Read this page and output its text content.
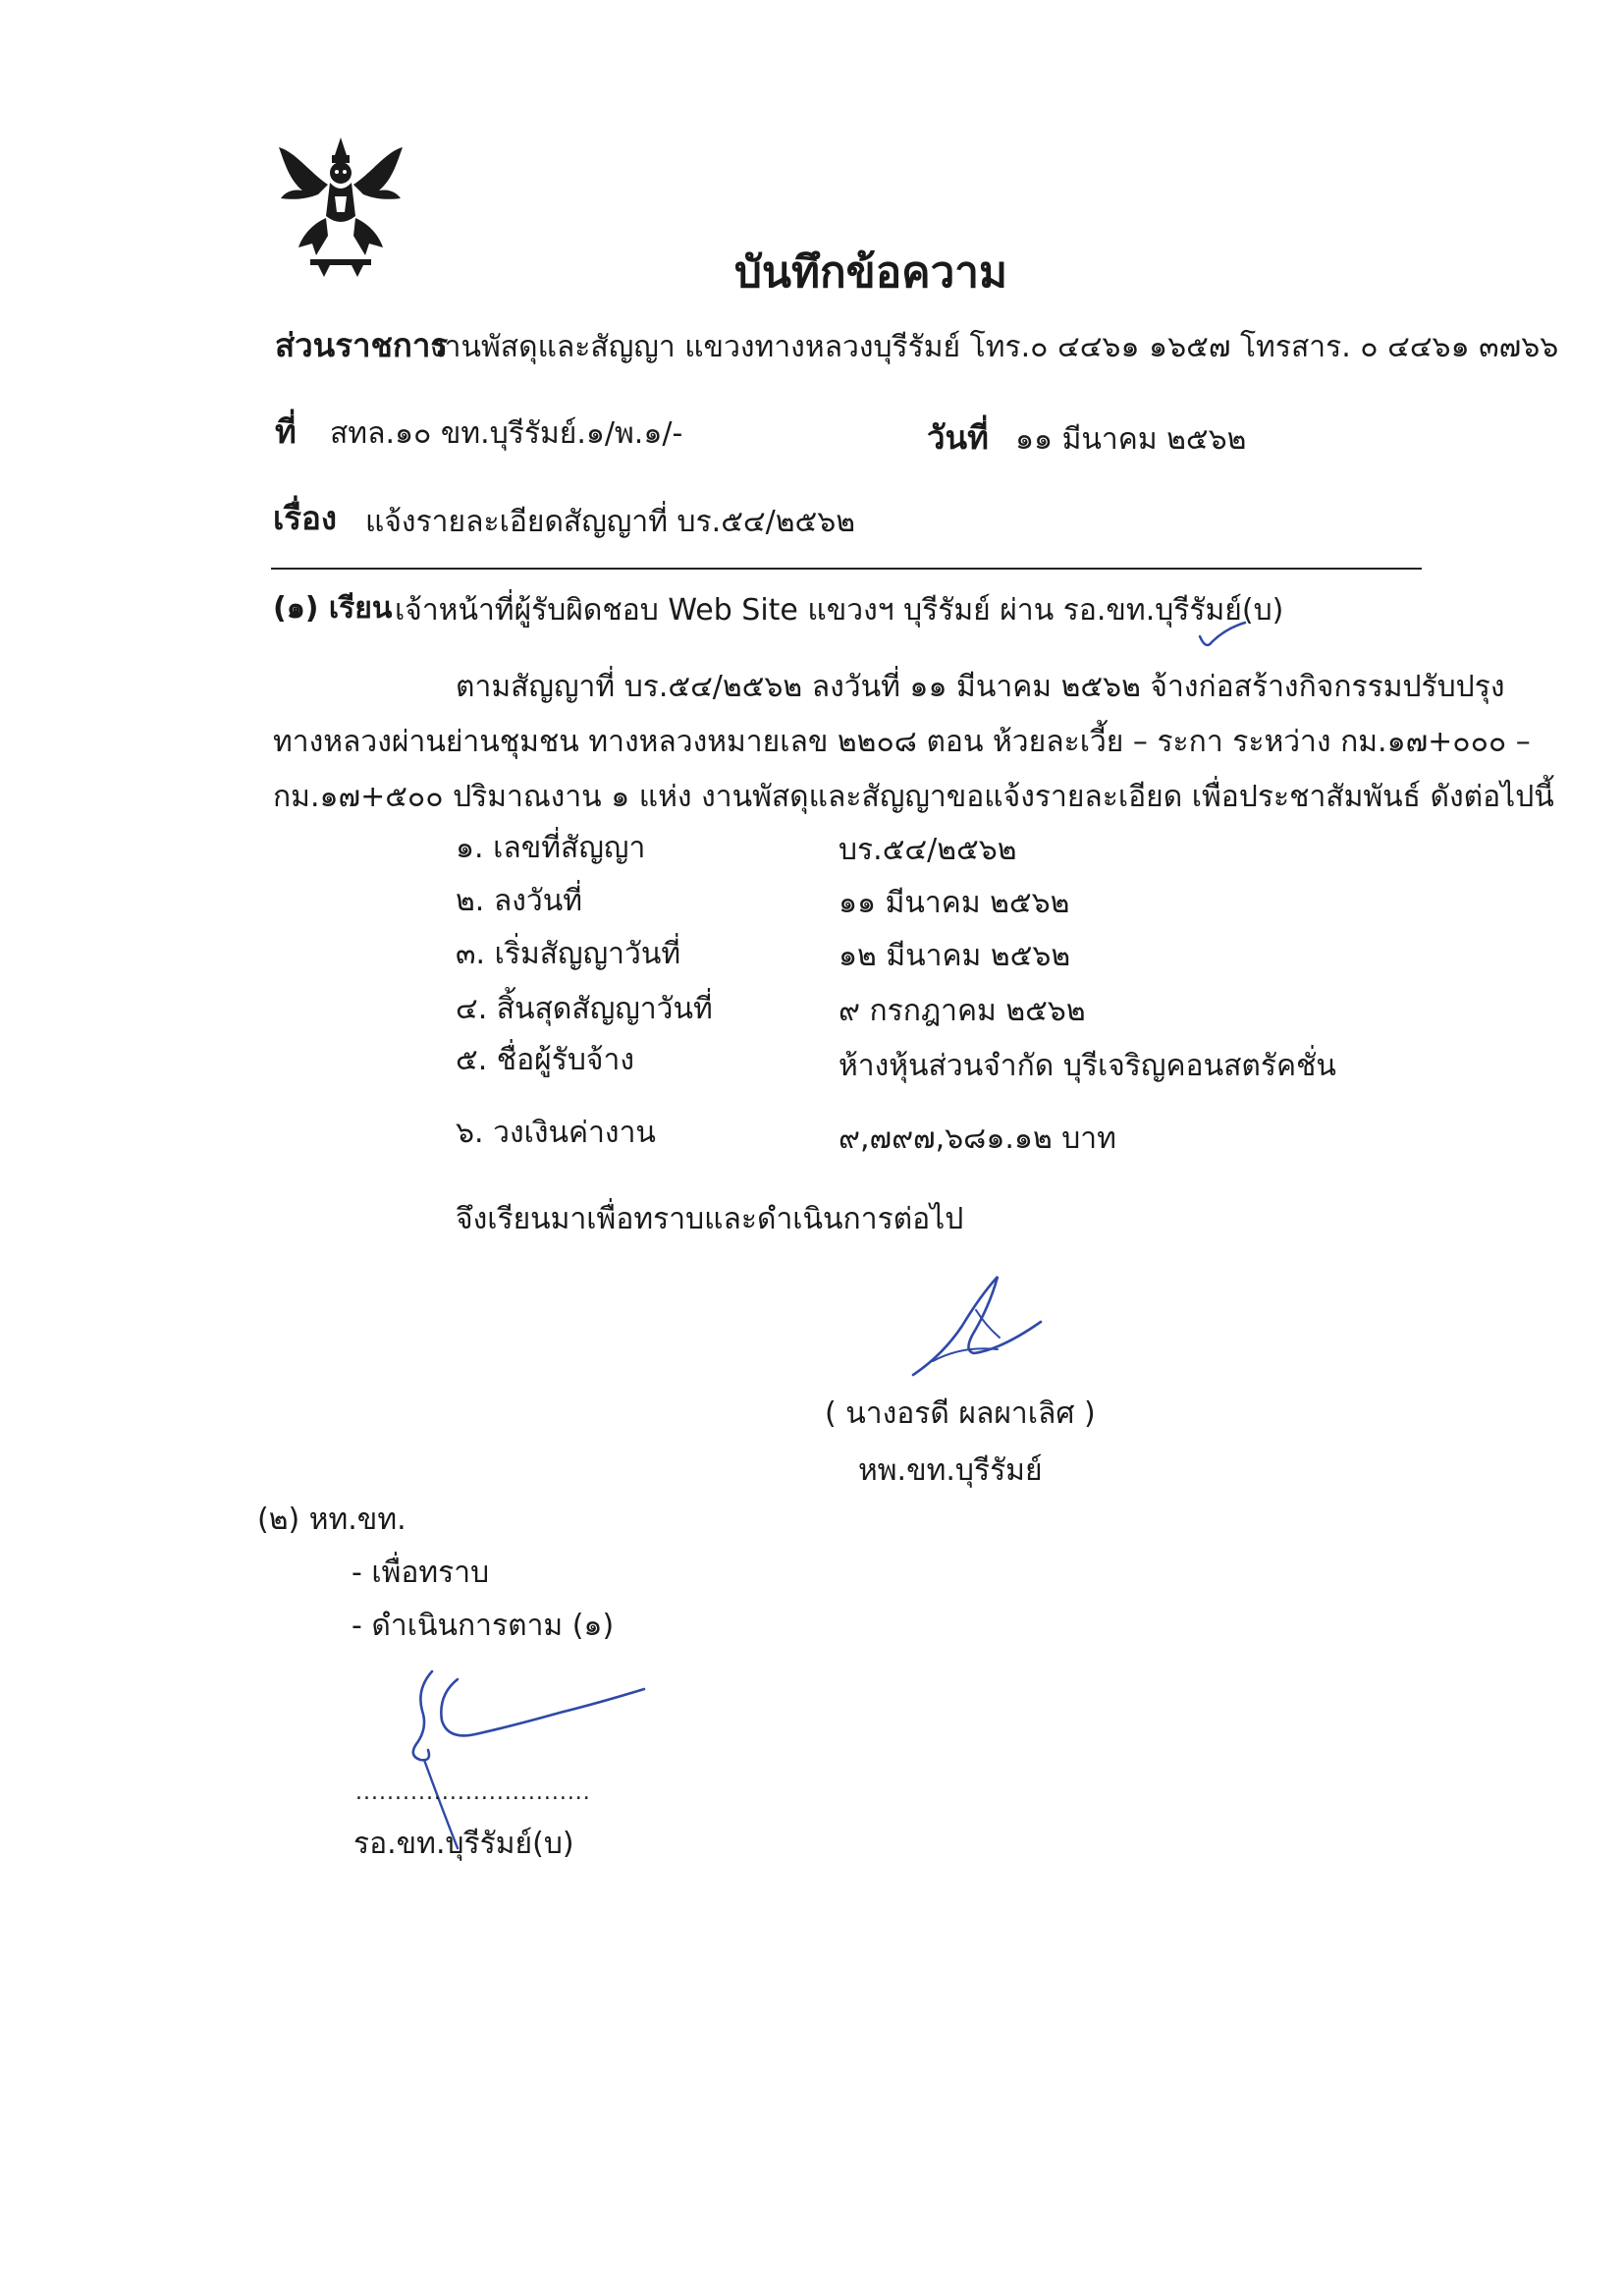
บันทึกข้อความ
ส่วนราชการ
งานพัสดุและสัญญา แขวงทางหลวงบุรีรัมย์ โทร.๐ ๔๔๖๑ ๑๖๕๗ โทรสาร. ๐ ๔๔๖๑ ๓๗๖๖
ที่ สทล.๑๐ ขท.บุรีรัมย์.๑/พ.๑/-	วันที่ ๑๑ มีนาคม ๒๕๖๒
เรื่อง แจ้งรายละเอียดสัญญาที่ บร.๕๔/๒๕๖๒
(๑) เรียน เจ้าหน้าที่ผู้รับผิดชอบ Web Site แขวงฯ บุรีรัมย์ ผ่าน รอ.ขท.บุรีรัมย์(บ)
ตามสัญญาที่ บร.๕๔/๒๕๖๒ ลงวันที่ ๑๑ มีนาคม ๒๕๖๒ จ้างก่อสร้างกิจกรรมปรับปรุง
ทางหลวงผ่านย่านชุมชน ทางหลวงหมายเลข ๒๒๐๘ ตอน ห้วยละเวี้ย – ระกา ระหว่าง กม.๑๗+๐๐๐ –
กม.๑๗+๕๐๐ ปริมาณงาน ๑ แห่ง งานพัสดุและสัญญาขอแจ้งรายละเอียด เพื่อประชาสัมพันธ์ ดังต่อไปนี้
๑. เลขที่สัญญา	บร.๕๔/๒๕๖๒
๒. ลงวันที่	๑๑ มีนาคม ๒๕๖๒
๓. เริ่มสัญญาวันที่	๑๒ มีนาคม ๒๕๖๒
๔. สิ้นสุดสัญญาวันที่	๙ กรกฎาคม ๒๕๖๒
๕. ชื่อผู้รับจ้าง	ห้างหุ้นส่วนจำกัด บุรีเจริญคอนสตรัคชั่น
๖. วงเงินค่างาน	๙,๗๙๗,๖๘๑.๑๒ บาท
จึงเรียนมาเพื่อทราบและดำเนินการต่อไป
( นางอรดี ผลผาเลิศ )
หพ.ขท.บุรีรัมย์
(๒) หท.ขท.
- เพื่อทราบ
- ดำเนินการตาม (๑)
..............................
รอ.ขท.บุรีรัมย์(บ)
